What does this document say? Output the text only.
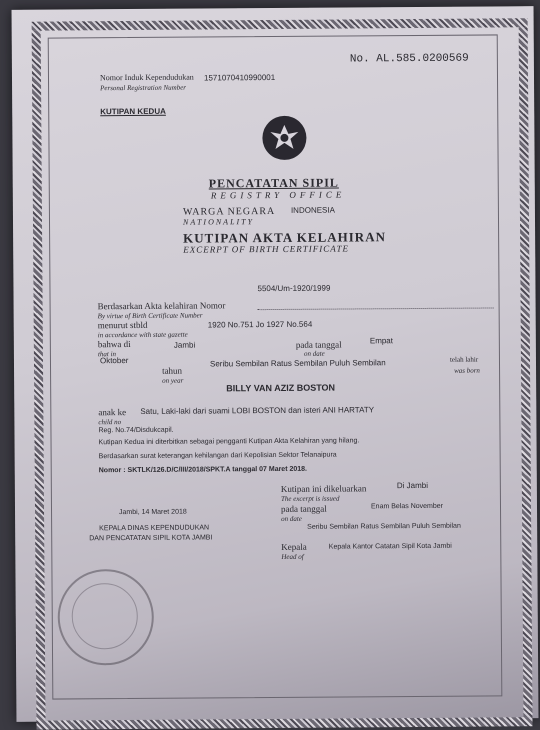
No. AL.585.0200569
Nomor Induk Kependudukan
Personal Registration Number
1571070410990001
KUTIPAN KEDUA
PENCATATAN SIPIL
REGISTRY OFFICE
WARGA NEGARA
NATIONALITY
INDONESIA
KUTIPAN AKTA KELAHIRAN
EXCERPT OF BIRTH CERTIFICATE
5504/Um-1920/1999
Berdasarkan Akta kelahiran Nomor
By virtue of Birth Certificate Number
menurut stbld
in accordance with state gazette
1920 No.751 Jo 1927 No.564
bahwa di
that in
Jambi	pada tanggal
on date
Empat
Oktober
tahun
on year
Seribu Sembilan Ratus Sembilan Puluh Sembilan	telah lahir
was born
BILLY VAN AZIZ BOSTON
anak ke
child no
Satu, Laki-laki dari suami LOBI BOSTON dan isteri ANI HARTATY
Reg. No.74/Disdukcapil.
Kutipan Kedua ini diterbitkan sebagai pengganti Kutipan Akta Kelahiran yang hilang.
Berdasarkan surat keterangan kehilangan dari Kepolisian Sektor Telanaipura
Nomor : SKTLK/126.D/C/III/2018/SPKT.A tanggal 07 Maret 2018.
Kutipan ini dikeluarkan
The excerpt is issued
Di Jambi
pada tanggal
on date
Enam Belas November
Seribu Sembilan Ratus Sembilan Puluh Sembilan
Kepala
Head of
Kepala Kantor Catatan Sipil Kota Jambi
Jambi, 14 Maret 2018
KEPALA DINAS KEPENDUDUKAN
DAN PENCATATAN SIPIL KOTA JAMBI
